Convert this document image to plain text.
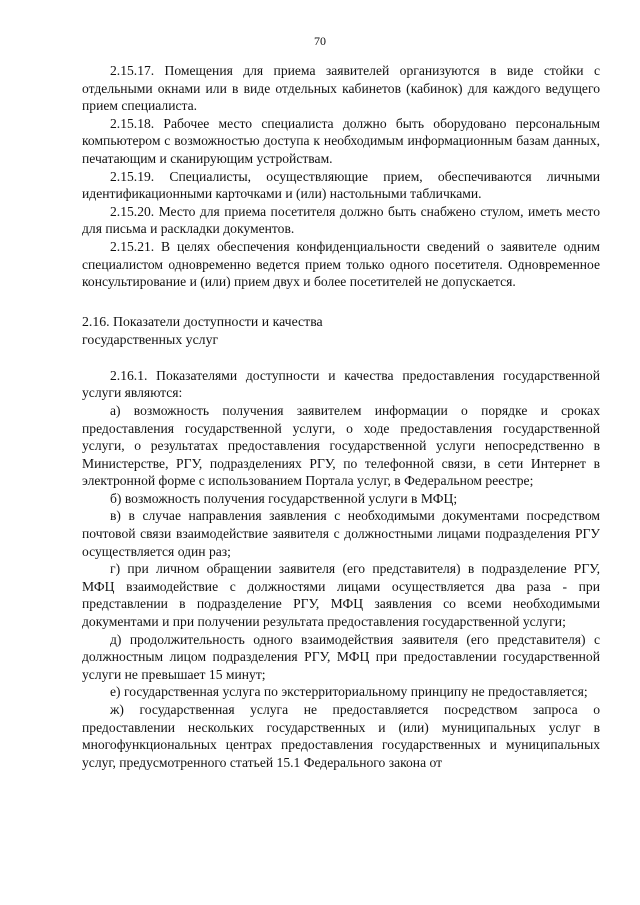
70

2.15.17. Помещения для приема заявителей организуются в виде стойки с отдельными окнами или в виде отдельных кабинетов (кабинок) для каждого ведущего прием специалиста.

2.15.18. Рабочее место специалиста должно быть оборудовано персональным компьютером с возможностью доступа к необходимым информационным базам данных, печатающим и сканирующим устройствам.

2.15.19. Специалисты, осуществляющие прием, обеспечиваются личными идентификационными карточками и (или) настольными табличками.

2.15.20. Место для приема посетителя должно быть снабжено стулом, иметь место для письма и раскладки документов.

2.15.21. В целях обеспечения конфиденциальности сведений о заявителе одним специалистом одновременно ведется прием только одного посетителя. Одновременное консультирование и (или) прием двух и более посетителей не допускается.

2.16. Показатели доступности и качества

государственных услуг

2.16.1. Показателями доступности и качества предоставления государственной услуги являются:

а) возможность получения заявителем информации о порядке и сроках предоставления государственной услуги, о ходе предоставления государственной услуги, о результатах предоставления государственной услуги непосредственно в Министерстве, РГУ, подразделениях РГУ, по телефонной связи, в сети Интернет в электронной форме с использованием Портала услуг, в Федеральном реестре;

б) возможность получения государственной услуги в МФЦ;

в) в случае направления заявления с необходимыми документами посредством почтовой связи взаимодействие заявителя с должностными лицами подразделения РГУ осуществляется один раз;

г) при личном обращении заявителя (его представителя) в подразделение РГУ, МФЦ взаимодействие с должностями лицами осуществляется два раза - при представлении в подразделение РГУ, МФЦ заявления со всеми необходимыми документами и при получении результата предоставления государственной услуги;

д) продолжительность одного взаимодействия заявителя (его представителя) с должностным лицом подразделения РГУ, МФЦ при предоставлении государственной услуги не превышает 15 минут;

е) государственная услуга по экстерриториальному принципу не предоставляется;

ж) государственная услуга не предоставляется посредством запроса о предоставлении нескольких государственных и (или) муниципальных услуг в многофункциональных центрах предоставления государственных и муниципальных услуг, предусмотренного статьей 15.1 Федерального закона от
